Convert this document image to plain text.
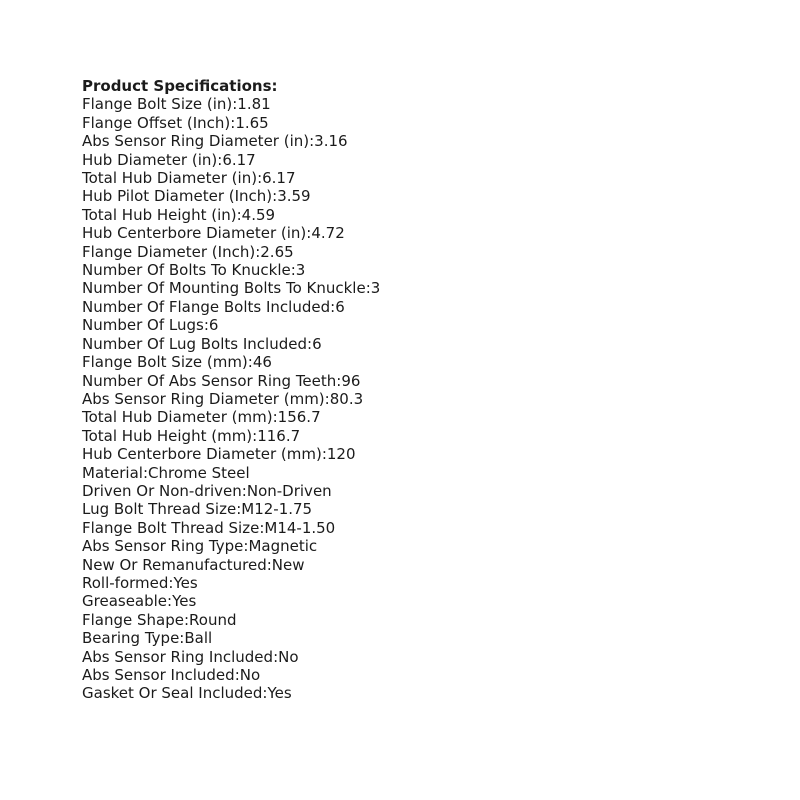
Product Specifications:
Flange Bolt Size (in):1.81
Flange Offset (Inch):1.65
Abs Sensor Ring Diameter (in):3.16
Hub Diameter (in):6.17
Total Hub Diameter (in):6.17
Hub Pilot Diameter (Inch):3.59
Total Hub Height (in):4.59
Hub Centerbore Diameter (in):4.72
Flange Diameter (Inch):2.65
Number Of Bolts To Knuckle:3
Number Of Mounting Bolts To Knuckle:3
Number Of Flange Bolts Included:6
Number Of Lugs:6
Number Of Lug Bolts Included:6
Flange Bolt Size (mm):46
Number Of Abs Sensor Ring Teeth:96
Abs Sensor Ring Diameter (mm):80.3
Total Hub Diameter (mm):156.7
Total Hub Height (mm):116.7
Hub Centerbore Diameter (mm):120
Material:Chrome Steel
Driven Or Non-driven:Non-Driven
Lug Bolt Thread Size:M12-1.75
Flange Bolt Thread Size:M14-1.50
Abs Sensor Ring Type:Magnetic
New Or Remanufactured:New
Roll-formed:Yes
Greaseable:Yes
Flange Shape:Round
Bearing Type:Ball
Abs Sensor Ring Included:No
Abs Sensor Included:No
Gasket Or Seal Included:Yes
